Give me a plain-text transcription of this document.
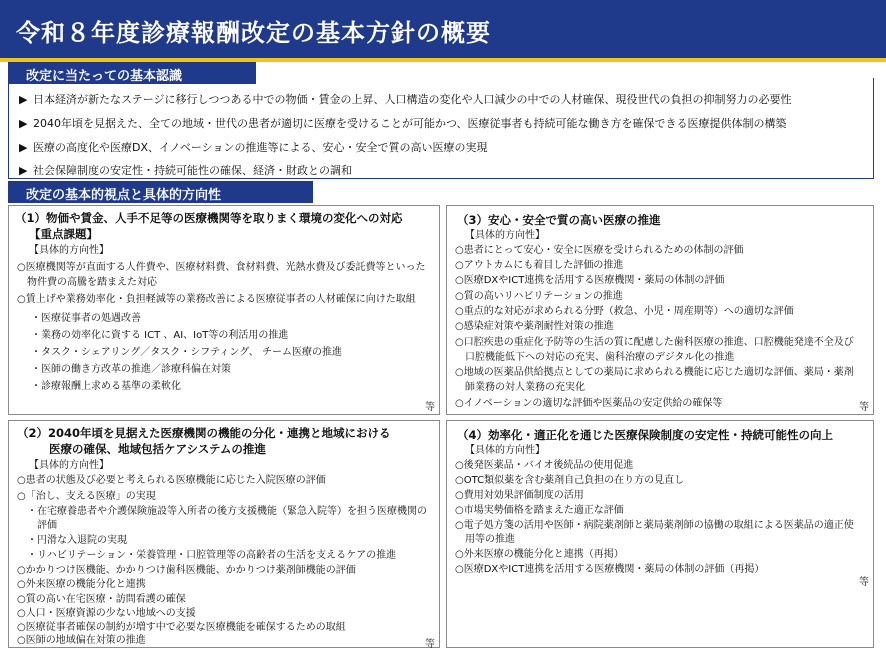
令和８年度診療報酬改定の基本方針の概要
改定に当たっての基本認識
▶ 日本経済が新たなステージに移行しつつある中での物価・賃金の上昇、人口構造の変化や人口減少の中での人材確保、現役世代の負担の抑制努力の必要性
▶ 2040年頃を見据えた、全ての地域・世代の患者が適切に医療を受けることが可能かつ、医療従事者も持続可能な働き方を確保できる医療提供体制の構築
▶ 医療の高度化や医療DX、イノベーションの推進等による、安心・安全で質の高い医療の実現
▶ 社会保障制度の安定性・持続可能性の確保、経済・財政との調和
改定の基本的視点と具体的方向性
（1）物価や賃金、人手不足等の医療機関等を取りまく環境の変化への対応
【重点課題】
【具体的方向性】
○医療機関等が直面する人件費や、医療材料費、食材料費、光熱水費及び委託費等といった
　物件費の高騰を踏まえた対応
○賃上げや業務効率化・負担軽減等の業務改善による医療従事者の人材確保に向けた取組
・医療従事者の処遇改善
・業務の効率化に資する ICT 、AI、IoT等の利活用の推進
・タスク・シェアリング／タスク・シフティング、 チーム医療の推進
・医師の働き方改革の推進／診療科偏在対策
・診療報酬上求める基準の柔軟化
等
（3）安心・安全で質の高い医療の推進
【具体的方向性】
○患者にとって安心・安全に医療を受けられるための体制の評価
○アウトカムにも着目した評価の推進
○医療DXやICT連携を活用する医療機関・薬局の体制の評価
○質の高いリハビリテーションの推進
○重点的な対応が求められる分野（救急、小児・周産期等）への適切な評価
○感染症対策や薬剤耐性対策の推進
○口腔疾患の重症化予防等の生活の質に配慮した歯科医療の推進、口腔機能発達不全及び
　口腔機能低下への対応の充実、歯科治療のデジタル化の推進
○地域の医薬品供給拠点としての薬局に求められる機能に応じた適切な評価、薬局・薬剤
　師業務の対人業務の充実化
○イノベーションの適切な評価や医薬品の安定供給の確保等	等
（2）2040年頃を見据えた医療機関の機能の分化・連携と地域における
医療の確保、地域包括ケアシステムの推進
【具体的方向性】
○患者の状態及び必要と考えられる医療機能に応じた入院医療の評価
○「治し、支える医療」の実現
・在宅療養患者や介護保険施設等入所者の後方支援機能（緊急入院等）を担う医療機関の
　評価
・円滑な入退院の実現
・リハビリテーション・栄養管理・口腔管理等の高齢者の生活を支えるケアの推進
○かかりつけ医機能、かかりつけ歯科医機能、かかりつけ薬剤師機能の評価
○外来医療の機能分化と連携
○質の高い在宅医療・訪問看護の確保
○人口・医療資源の少ない地域への支援
○医療従事者確保の制約が増す中で必要な医療機能を確保するための取組
○医師の地域偏在対策の推進	等
（4）効率化・適正化を通じた医療保険制度の安定性・持続可能性の向上
【具体的方向性】
○後発医薬品・バイオ後続品の使用促進
○OTC類似薬を含む薬剤自己負担の在り方の見直し
○費用対効果評価制度の活用
○市場実勢価格を踏まえた適正な評価
○電子処方箋の活用や医師・病院薬剤師と薬局薬剤師の協働の取組による医薬品の適正使
　用等の推進
○外来医療の機能分化と連携（再掲）
○医療DXやICT連携を活用する医療機関・薬局の体制の評価（再掲）
等
